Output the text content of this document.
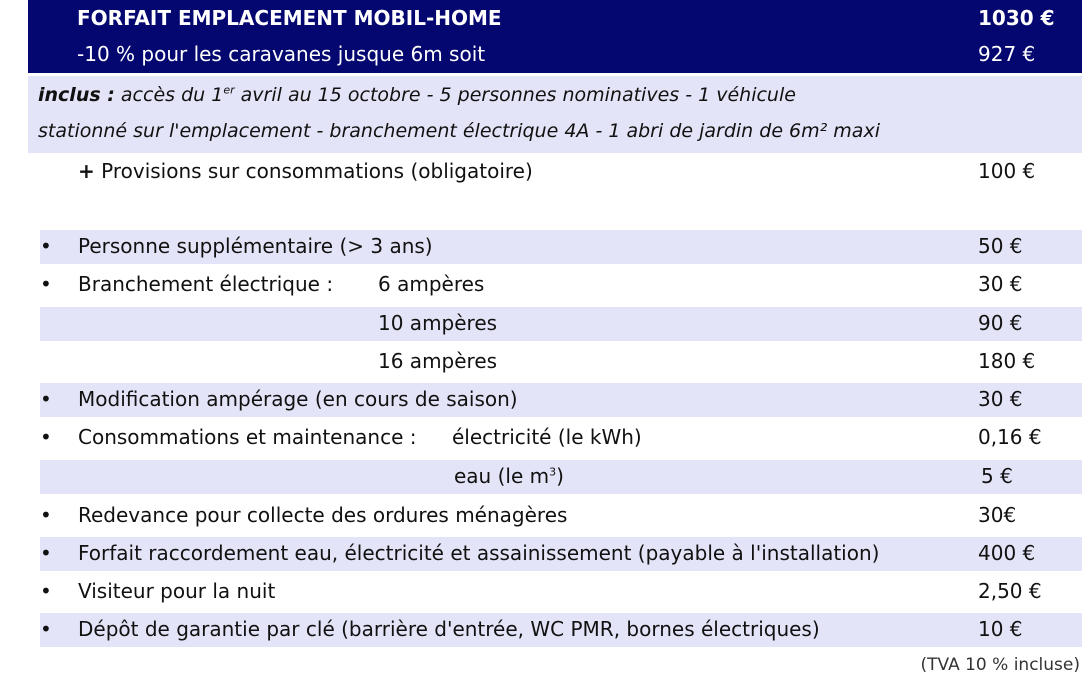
FORFAIT EMPLACEMENT MOBIL-HOME	1030 €
-10 % pour les caravanes jusque 6m soit	927 €
inclus : accès du 1er avril au 15 octobre - 5 personnes nominatives - 1 véhicule
stationné sur l'emplacement - branchement électrique 4A - 1 abri de jardin de 6m² maxi
+ Provisions sur consommations (obligatoire)	100 €
• Personne supplémentaire (> 3 ans)	50 €
• Branchement électrique : 6 ampères	30 €
10 ampères	90 €
16 ampères	180 €
• Modification ampérage (en cours de saison)	30 €
• Consommations et maintenance : électricité (le kWh)	0,16 €
eau (le $m^3$)	5 €
• Redevance pour collecte des ordures ménagères	30€
• Forfait raccordement eau, électricité et assainissement (payable à l'installation)	400 €
• Visiteur pour la nuit	2,50 €
• Dépôt de garantie par clé (barrière d'entrée, WC PMR, bornes électriques)	10 €
(TVA 10 % incluse)
